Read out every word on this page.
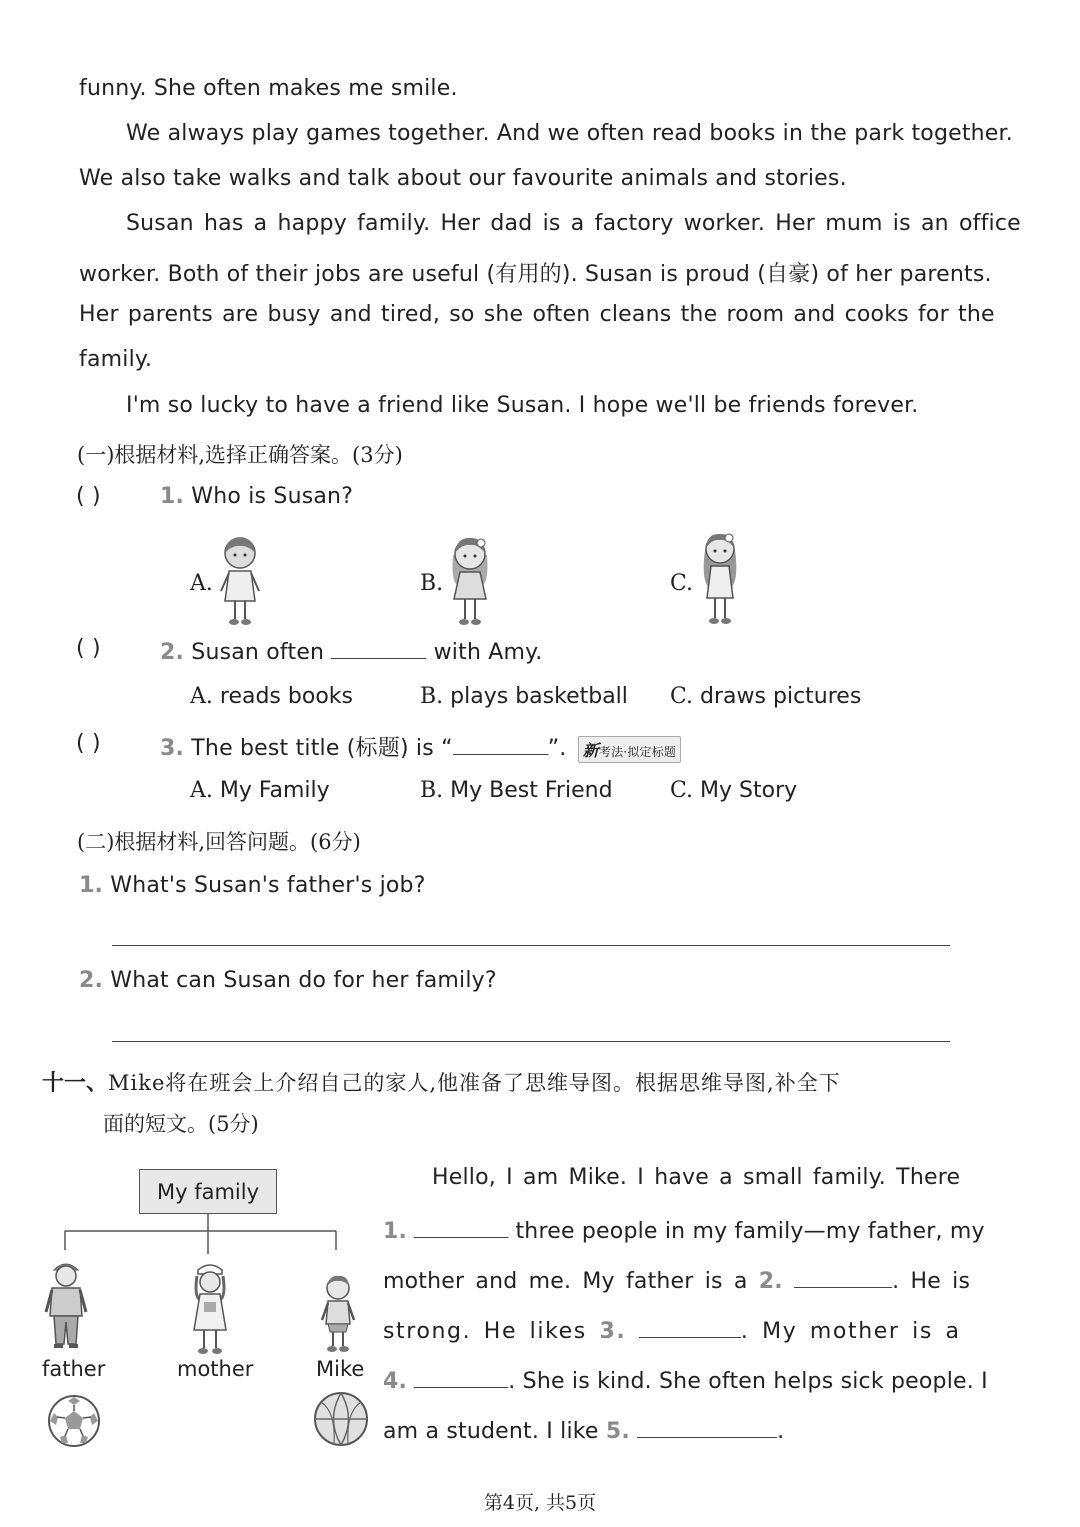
funny. She often makes me smile.
We always play games together. And we often read books in the park together.
We also take walks and talk about our favourite animals and stories.
Susan has a happy family. Her dad is a factory worker. Her mum is an office
worker. Both of their jobs are useful (有用的). Susan is proud (自豪) of her parents.
Her parents are busy and tired, so she often cleans the room and cooks for the
family.
I'm so lucky to have a friend like Susan. I hope we'll be friends forever.
(一)根据材料,选择正确答案。(3分)
( )	1. Who is Susan?
A.	B.	C.
( )	2. Susan often	with Amy.
A. reads books	B. plays basketball C. draws pictures
( )	3. The best title (标题) is “	”. 新考法·拟定标题
A. My Family	B. My Best Friend	C. My Story
(二)根据材料,回答问题。(6分)
1. What's Susan's father's job?
2. What can Susan do for her family?
十一、Mike将在班会上介绍自己的家人,他准备了思维导图。根据思维导图,补全下
面的短文。(5分)
My family
father	mother	Mike
Hello, I am Mike. I have a small family. There
1.	three people in my family—my father, my
mother and me. My father is a 2.	. He is
strong. He likes 3.	. My mother is a
4.	. She is kind. She often helps sick people. I
am a student. I like 5.	.
第4页, 共5页
